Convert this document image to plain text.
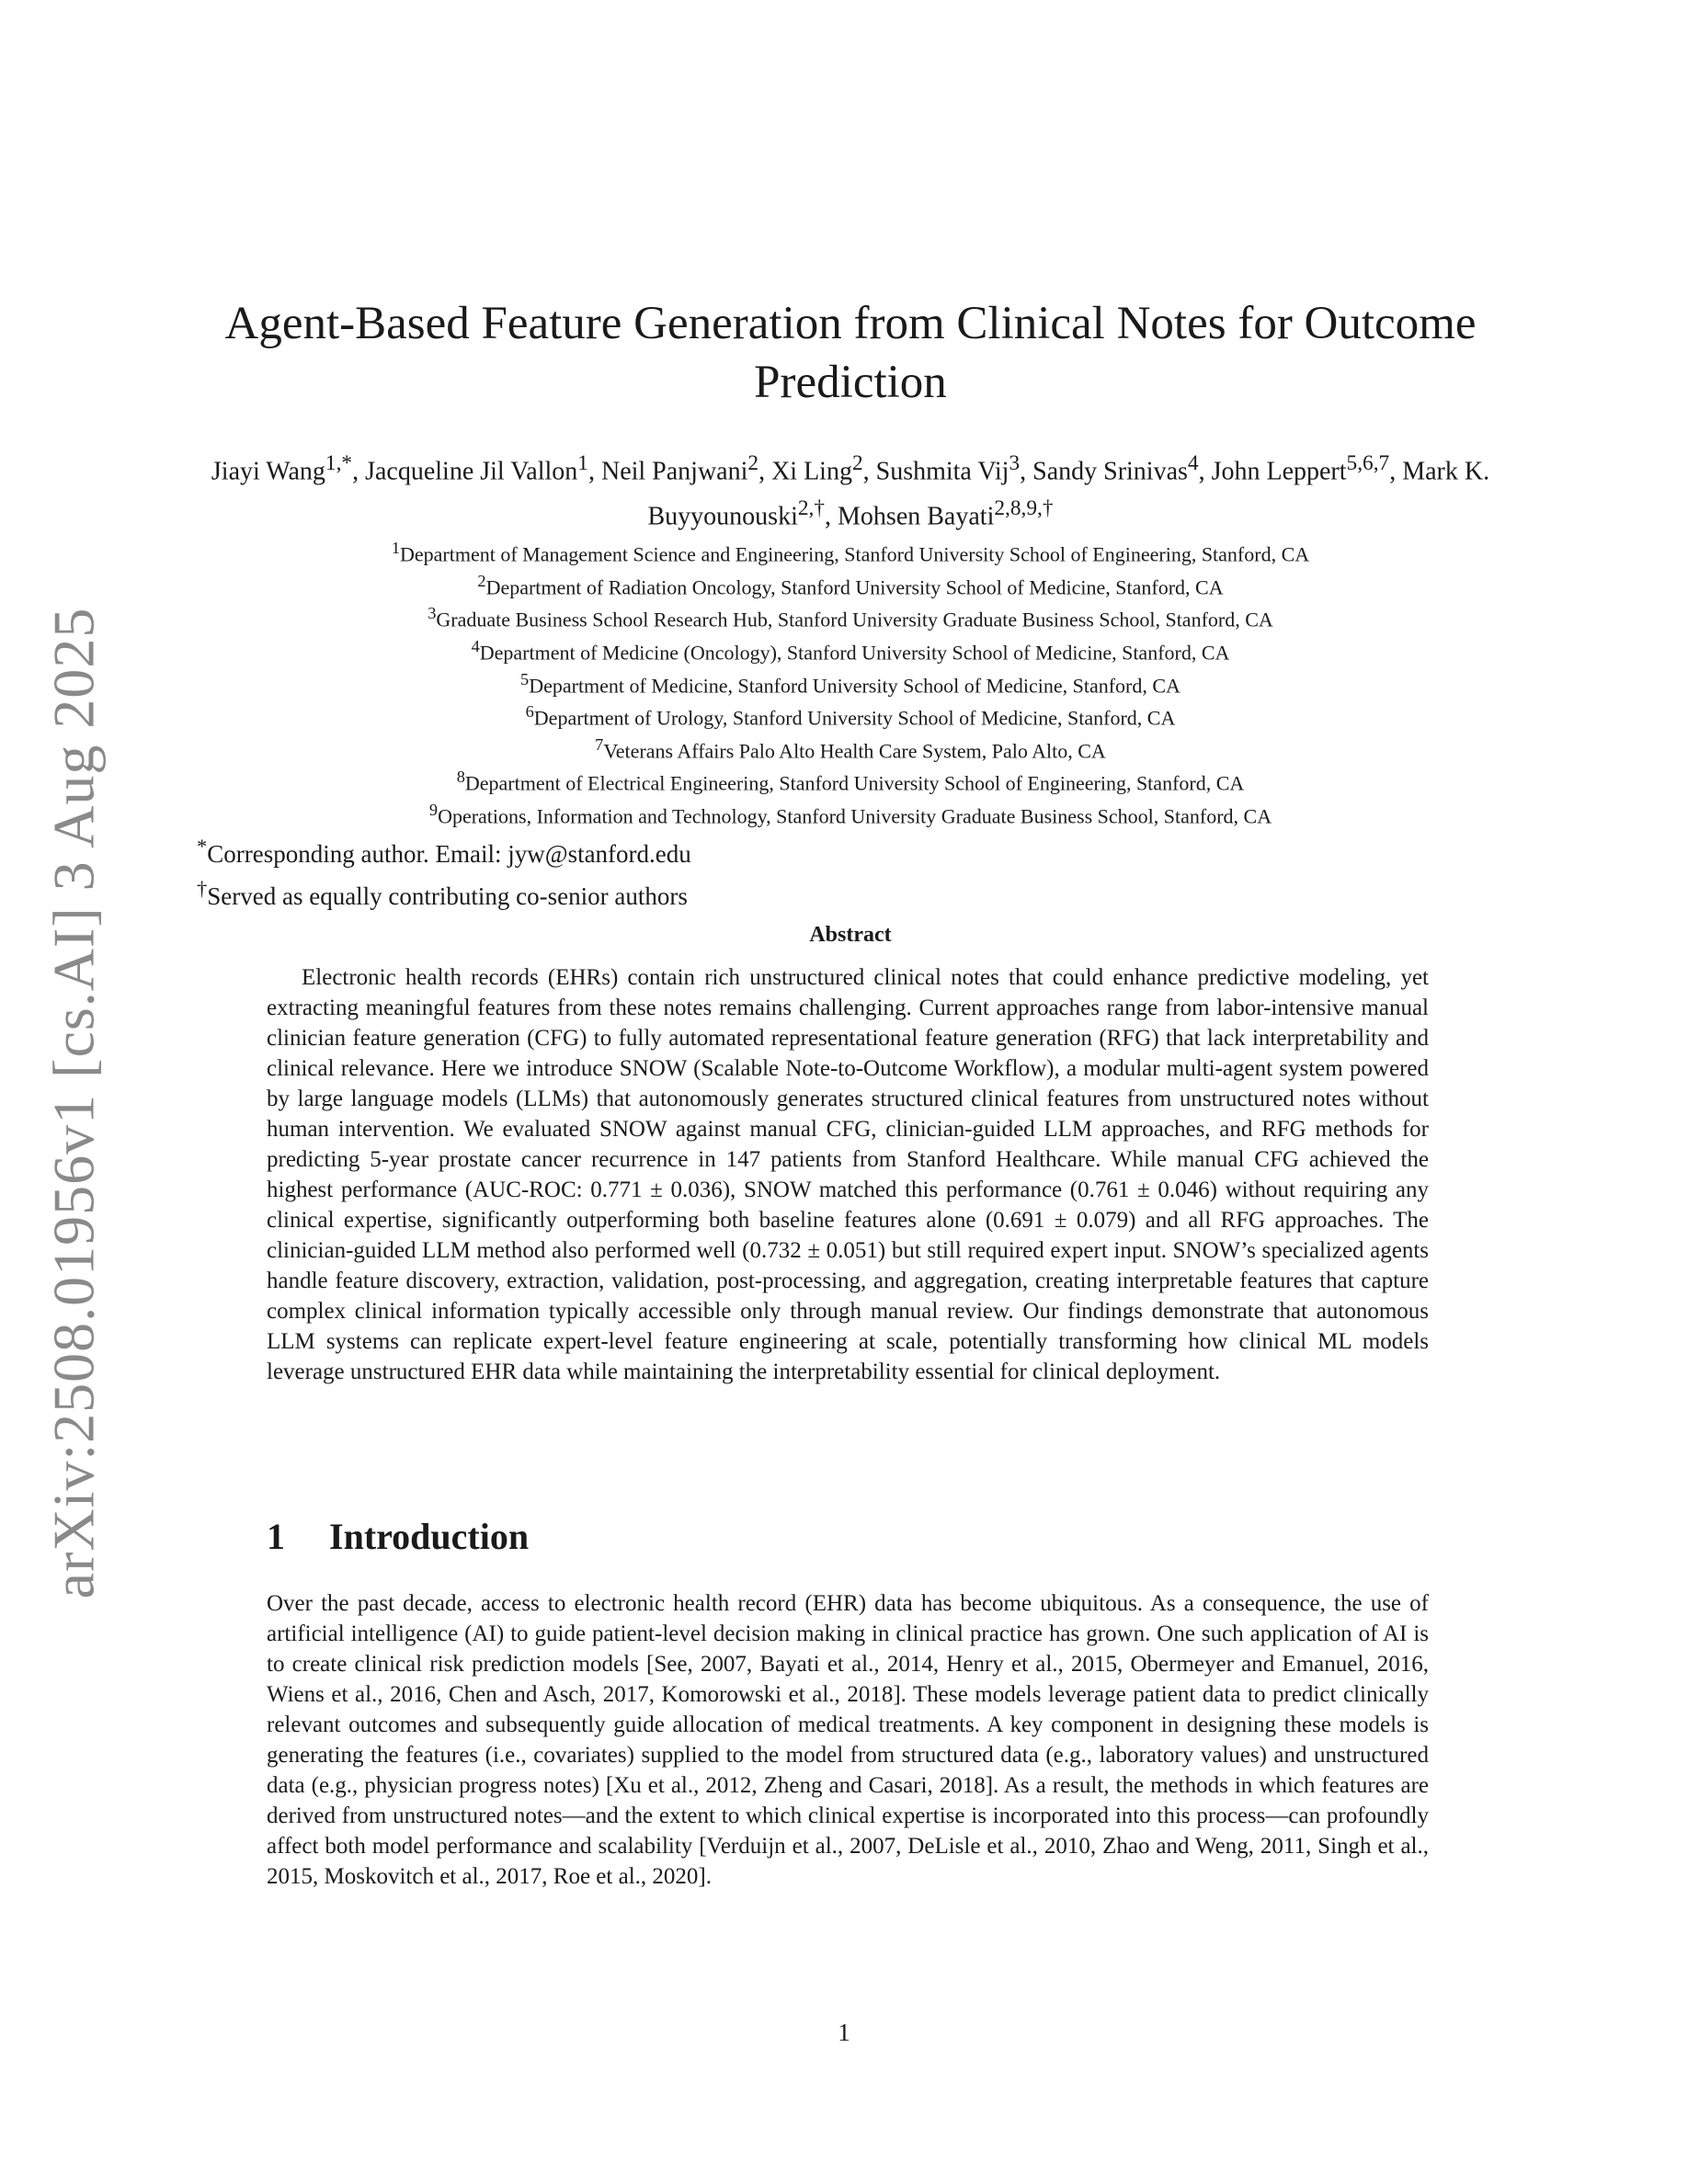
arXiv:2508.01956v1 [cs.AI] 3 Aug 2025
Agent-Based Feature Generation from Clinical Notes for Outcome Prediction
Jiayi Wang$^{1,*}$, Jacqueline Jil Vallon$^1$, Neil Panjwani$^2$, Xi Ling$^2$, Sushmita Vij$^3$, Sandy Srinivas$^4$, John Leppert$^{5,6,7}$, Mark K. Buyyounouski$^{2,\dagger}$, Mohsen Bayati$^{2,8,9,\dagger}$
$^1$Department of Management Science and Engineering, Stanford University School of Engineering, Stanford, CA
$^2$Department of Radiation Oncology, Stanford University School of Medicine, Stanford, CA
$^3$Graduate Business School Research Hub, Stanford University Graduate Business School, Stanford, CA
$^4$Department of Medicine (Oncology), Stanford University School of Medicine, Stanford, CA
$^5$Department of Medicine, Stanford University School of Medicine, Stanford, CA
$^6$Department of Urology, Stanford University School of Medicine, Stanford, CA
$^7$Veterans Affairs Palo Alto Health Care System, Palo Alto, CA
$^8$Department of Electrical Engineering, Stanford University School of Engineering, Stanford, CA
$^9$Operations, Information and Technology, Stanford University Graduate Business School, Stanford, CA
*Corresponding author. Email: jyw@stanford.edu
†Served as equally contributing co-senior authors
Abstract

Electronic health records (EHRs) contain rich unstructured clinical notes that could enhance predictive modeling, yet extracting meaningful features from these notes remains challenging. Current approaches range from labor-intensive manual clinician feature generation (CFG) to fully automated representational feature generation (RFG) that lack interpretability and clinical relevance. Here we introduce SNOW (Scalable Note-to-Outcome Workflow), a modular multi-agent system powered by large language models (LLMs) that autonomously generates structured clinical features from unstructured notes without human intervention. We evaluated SNOW against manual CFG, clinician-guided LLM approaches, and RFG methods for predicting 5-year prostate cancer recurrence in 147 patients from Stanford Healthcare. While manual CFG achieved the highest performance (AUC-ROC: 0.771 ± 0.036), SNOW matched this performance (0.761 ± 0.046) without requiring any clinical expertise, significantly outperforming both baseline features alone (0.691 ± 0.079) and all RFG approaches. The clinician-guided LLM method also performed well (0.732 ± 0.051) but still required expert input. SNOW’s specialized agents handle feature discovery, extraction, validation, post-processing, and aggregation, creating interpretable features that capture complex clinical information typically accessible only through manual review. Our findings demonstrate that autonomous LLM systems can replicate expert-level feature engineering at scale, potentially transforming how clinical ML models leverage unstructured EHR data while maintaining the interpretability essential for clinical deployment.

1 Introduction

Over the past decade, access to electronic health record (EHR) data has become ubiquitous. As a consequence, the use of artificial intelligence (AI) to guide patient-level decision making in clinical practice has grown. One such application of AI is to create clinical risk prediction models [See, 2007, Bayati et al., 2014, Henry et al., 2015, Obermeyer and Emanuel, 2016, Wiens et al., 2016, Chen and Asch, 2017, Komorowski et al., 2018]. These models leverage patient data to predict clinically relevant outcomes and subsequently guide allocation of medical treatments. A key component in designing these models is generating the features (i.e., covariates) supplied to the model from structured data (e.g., laboratory values) and unstructured data (e.g., physician progress notes) [Xu et al., 2012, Zheng and Casari, 2018]. As a result, the methods in which features are derived from unstructured notes—and the extent to which clinical expertise is incorporated into this process—can profoundly affect both model performance and scalability [Verduijn et al., 2007, DeLisle et al., 2010, Zhao and Weng, 2011, Singh et al., 2015, Moskovitch et al., 2017, Roe et al., 2020].

1
